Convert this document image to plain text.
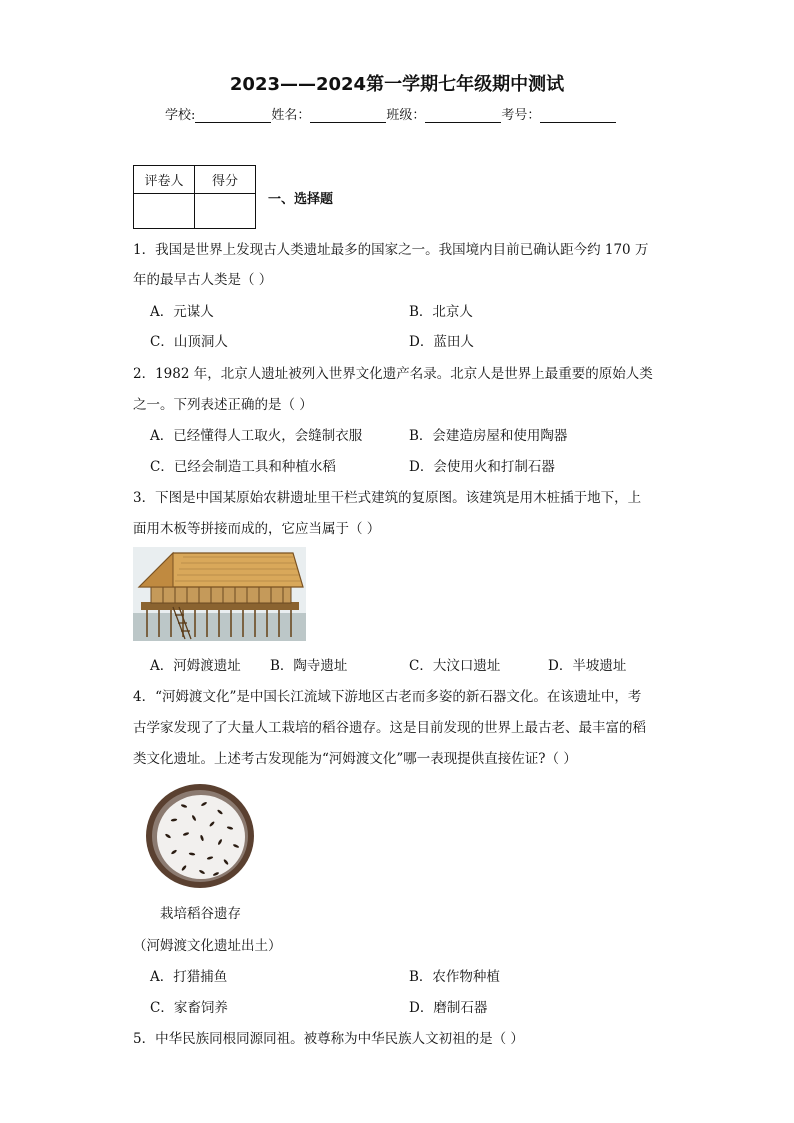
2023——2024第一学期七年级期中测试
学校:	姓名：	班级：	考号：
评卷人	得分

一、选择题
1．我国是世界上发现古人类遗址最多的国家之一。我国境内目前已确认距今约 170 万
年的最早古人类是（ ）
A．元谋人	B．北京人
C．山顶洞人	D．蓝田人
2．1982 年，北京人遗址被列入世界文化遗产名录。北京人是世界上最重要的原始人类
之一。下列表述正确的是（ ）
A．已经懂得人工取火，会缝制衣服	B．会建造房屋和使用陶器
C．已经会制造工具和种植水稻	D．会使用火和打制石器
3．下图是中国某原始农耕遗址里干栏式建筑的复原图。该建筑是用木桩插于地下，上
面用木板等拼接而成的，它应当属于（ ）
A．河姆渡遗址 B．陶寺遗址	C．大汶口遗址	D．半坡遗址
4．“河姆渡文化”是中国长江流域下游地区古老而多姿的新石器文化。在该遗址中，考
古学家发现了了大量人工栽培的稻谷遗存。这是目前发现的世界上最古老、最丰富的稻
类文化遗址。上述考古发现能为“河姆渡文化”哪一表现提供直接佐证?（ ）
栽培稻谷遗存
（河姆渡文化遗址出土）
A．打猎捕鱼	B．农作物种植
C．家畜饲养	D．磨制石器
5．中华民族同根同源同祖。被尊称为中华民族人文初祖的是（ ）
